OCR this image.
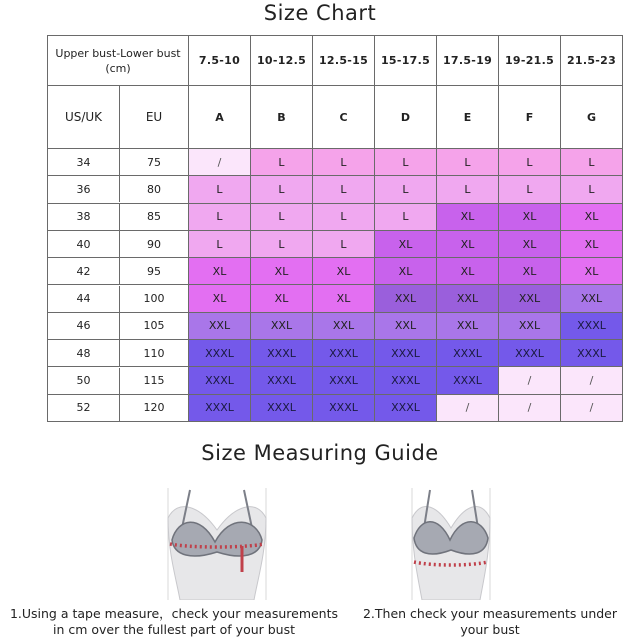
Size Chart
Upper bust-Lower bust
(cm)	7.5-10	10-12.5	12.5-15	15-17.5	17.5-19	19-21.5	21.5-23

US/UK EU	A	B	C	D	E	F	G

34 75	/	L	L	L	L	L	L

36 80	L	L	L	L	L	L	L

38 85	L	L	L	L	XL	XL	XL

40 90	L	L	L	XL	XL	XL	XL

42 95	XL	XL	XL	XL	XL	XL	XL

44 100	XL	XL	XL	XXL	XXL	XXL	XXL

46 105	XXL	XXL	XXL	XXL	XXL	XXL	XXXL

48 110	XXXL	XXXL	XXXL	XXXL	XXXL	XXXL	XXXL

50 115	XXXL	XXXL	XXXL	XXXL	XXXL	/	/

52 120	XXXL	XXXL	XXXL	XXXL	/	/	/
Size Measuring Guide
1.Using a tape measure，check your measurements
in cm over the fullest part of your bust
2.Then check your measurements under
your bust
